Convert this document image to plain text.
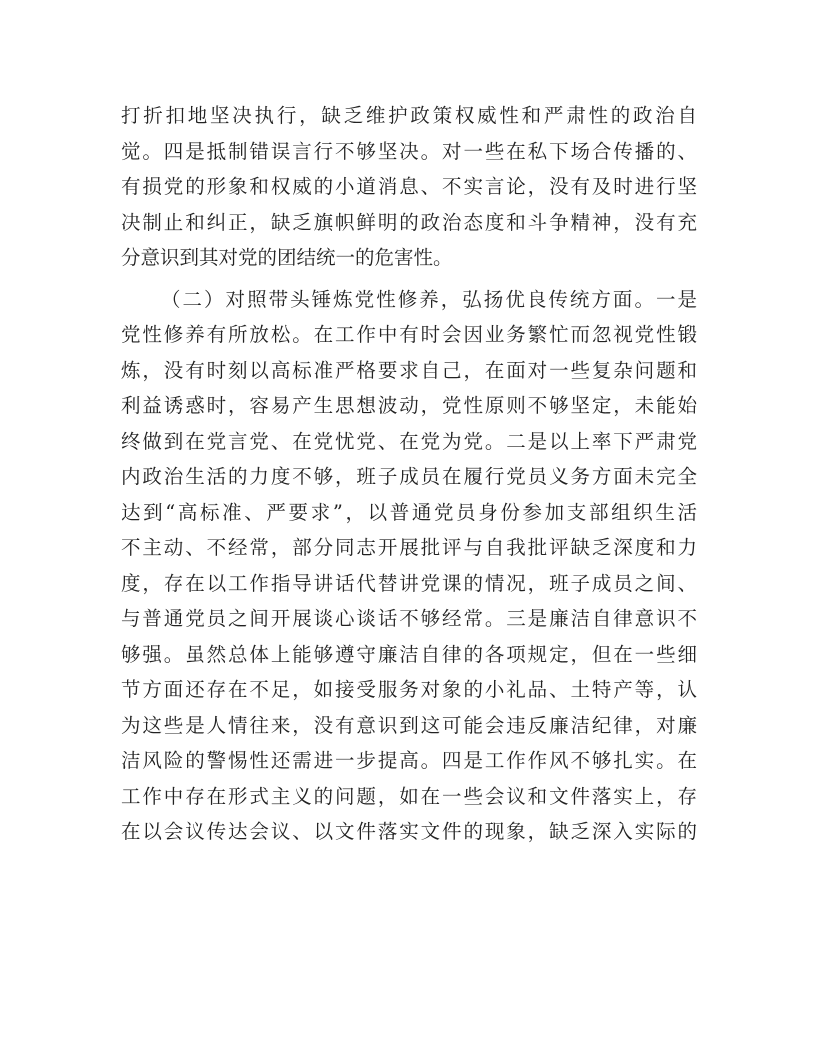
打折扣地坚决执行，缺乏维护政策权威性和严肃性的政治自
觉。四是抵制错误言行不够坚决。对一些在私下场合传播的、
有损党的形象和权威的小道消息、不实言论，没有及时进行坚
决制止和纠正，缺乏旗帜鲜明的政治态度和斗争精神，没有充
分意识到其对党的团结统一的危害性。
（二）对照带头锤炼党性修养，弘扬优良传统方面。一是
党性修养有所放松。在工作中有时会因业务繁忙而忽视党性锻
炼，没有时刻以高标准严格要求自己，在面对一些复杂问题和
利益诱惑时，容易产生思想波动，党性原则不够坚定，未能始
终做到在党言党、在党忧党、在党为党。二是以上率下严肃党
内政治生活的力度不够，班子成员在履行党员义务方面未完全
达到“高标准、严要求”，以普通党员身份参加支部组织生活
不主动、不经常，部分同志开展批评与自我批评缺乏深度和力
度，存在以工作指导讲话代替讲党课的情况，班子成员之间、
与普通党员之间开展谈心谈话不够经常。三是廉洁自律意识不
够强。虽然总体上能够遵守廉洁自律的各项规定，但在一些细
节方面还存在不足，如接受服务对象的小礼品、土特产等，认
为这些是人情往来，没有意识到这可能会违反廉洁纪律，对廉
洁风险的警惕性还需进一步提高。四是工作作风不够扎实。在
工作中存在形式主义的问题，如在一些会议和文件落实上，存
在以会议传达会议、以文件落实文件的现象，缺乏深入实际的
